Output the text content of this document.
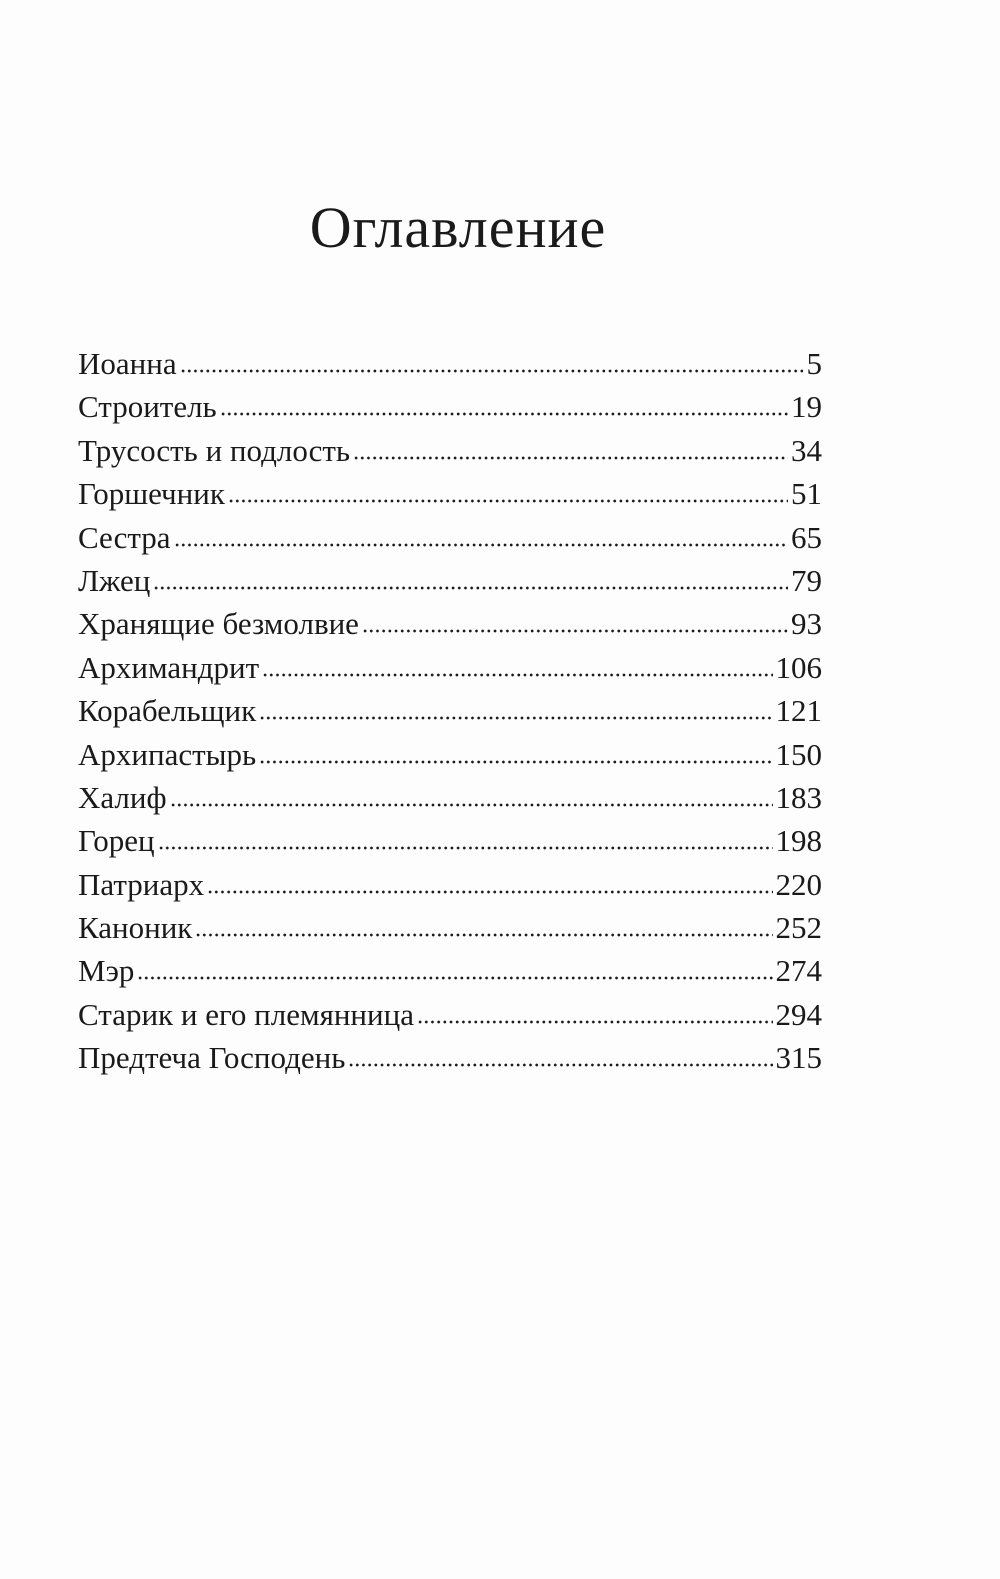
Оглавление
Иоанна	5
Строитель	19
Трусость и подлость	34
Горшечник	51
Сестра	65
Лжец	79
Хранящие безмолвие	93
Архимандрит	106
Корабельщик	121
Архипастырь	150
Халиф	183
Горец	198
Патриарх	220
Каноник	252
Мэр	274
Старик и его племянница	294
Предтеча Господень	315
